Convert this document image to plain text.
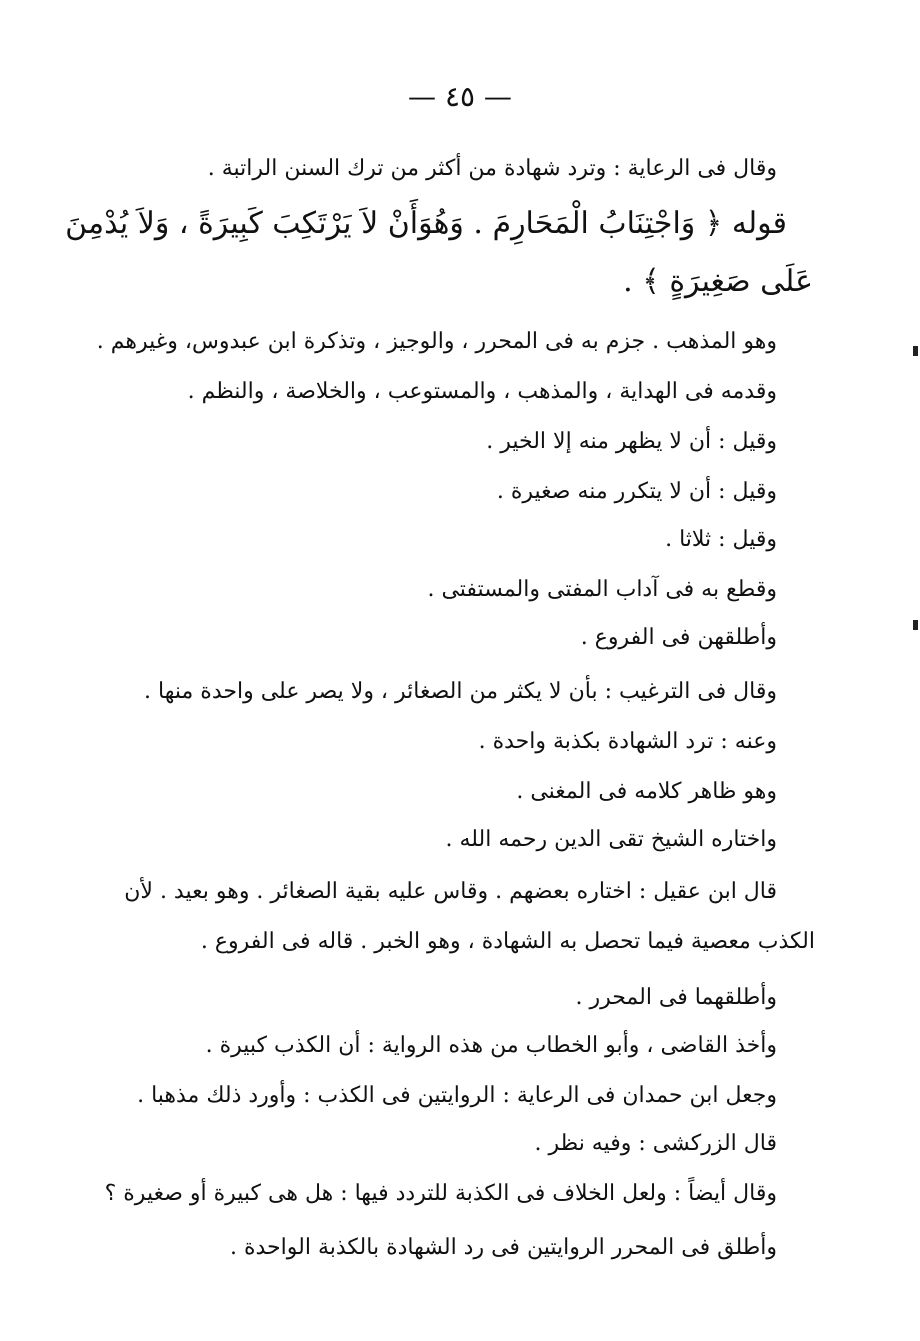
— ٤٥ —
وقال فى الرعاية : وترد شهادة من أكثر من ترك السنن الراتبة .
قوله ﴿ وَاجْتِنَابُ الْمَحَارِمَ . وَهُوَأَنْ لاَ يَرْتَكِبَ كَبِيرَةً ، وَلاَ يُدْمِنَ
عَلَى صَغِيرَةٍ ﴾ .
وهو المذهب . جزم به فى المحرر ، والوجيز ، وتذكرة ابن عبدوس، وغيرهم .
وقدمه فى الهداية ، والمذهب ، والمستوعب ، والخلاصة ، والنظم .
وقيل : أن لا يظهر منه إلا الخير .
وقيل : أن لا يتكرر منه صغيرة .
وقيل : ثلاثا .
وقطع به فى آداب المفتى والمستفتى .
وأطلقهن فى الفروع .
وقال فى الترغيب : بأن لا يكثر من الصغائر ، ولا يصر على واحدة منها .
وعنه : ترد الشهادة بكذبة واحدة .
وهو ظاهر كلامه فى المغنى .
واختاره الشيخ تقى الدين رحمه الله .
قال ابن عقيل : اختاره بعضهم . وقاس عليه بقية الصغائر . وهو بعيد . لأن
الكذب معصية فيما تحصل به الشهادة ، وهو الخبر . قاله فى الفروع .
وأطلقهما فى المحرر .
وأخذ القاضى ، وأبو الخطاب من هذه الرواية : أن الكذب كبيرة .
وجعل ابن حمدان فى الرعاية : الروايتين فى الكذب : وأورد ذلك مذهبا .
قال الزركشى : وفيه نظر .
وقال أيضاً : ولعل الخلاف فى الكذبة للتردد فيها : هل هى كبيرة أو صغيرة ؟
وأطلق فى المحرر الروايتين فى رد الشهادة بالكذبة الواحدة .
